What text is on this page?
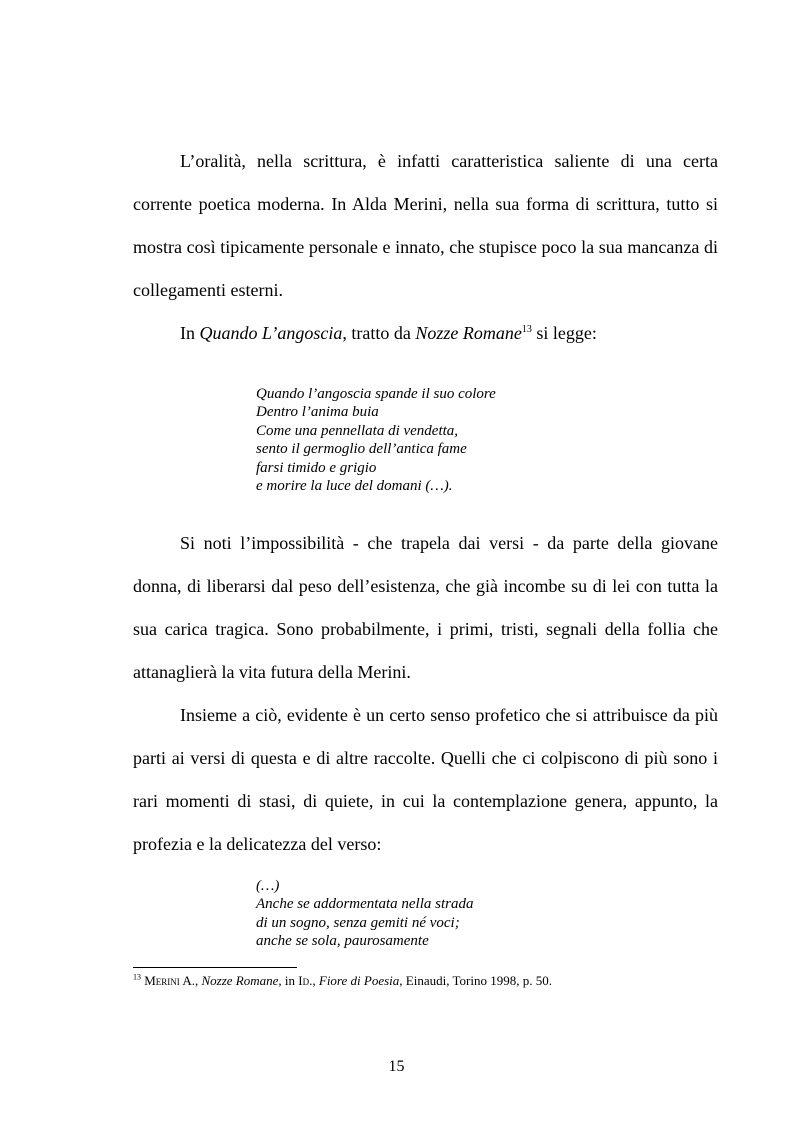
L’oralità, nella scrittura, è infatti caratteristica saliente di una certa corrente poetica moderna. In Alda Merini, nella sua forma di scrittura, tutto si mostra così tipicamente personale e innato, che stupisce poco la sua mancanza di collegamenti esterni.

In Quando L’angoscia, tratto da Nozze Romane$^{13}$ si legge:

Quando l’angoscia spande il suo colore
Dentro l’anima buia
Come una pennellata di vendetta,
sento il germoglio dell’antica fame
farsi timido e grigio
e morire la luce del domani (…).

Si noti l’impossibilità - che trapela dai versi - da parte della giovane donna, di liberarsi dal peso dell’esistenza, che già incombe su di lei con tutta la sua carica tragica. Sono probabilmente, i primi, tristi, segnali della follia che attanaglierà la vita futura della Merini.

Insieme a ciò, evidente è un certo senso profetico che si attribuisce da più parti ai versi di questa e di altre raccolte. Quelli che ci colpiscono di più sono i rari momenti di stasi, di quiete, in cui la contemplazione genera, appunto, la profezia e la delicatezza del verso:

(…)
Anche se addormentata nella strada
di un sogno, senza gemiti né voci;
anche se sola, paurosamente
$^{13}$ Merini A., Nozze Romane, in Id., Fiore di Poesia, Einaudi, Torino 1998, p. 50.
15
